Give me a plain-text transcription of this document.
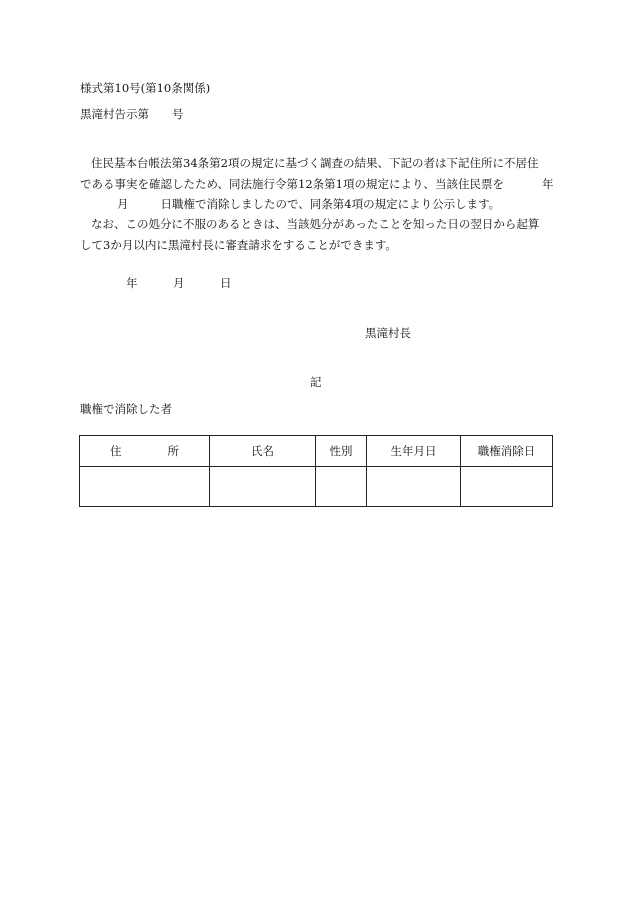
様式第10号(第10条関係)
黒滝村告示第　　号
住民基本台帳法第34条第2項の規定に基づく調査の結果、下記の者は下記住所に不居住
である事実を確認したため、同法施行令第12条第1項の規定により、当該住民票を	年
月	日職権で消除しましたので、同条第4項の規定により公示します。
なお、この処分に不服のあるときは、当該処分があったことを知った日の翌日から起算
して3か月以内に黒滝村長に審査請求をすることができます。
年	月	日
黒滝村長
記
職権で消除した者
住 所	氏名	性別	生年月日	職権消除日
